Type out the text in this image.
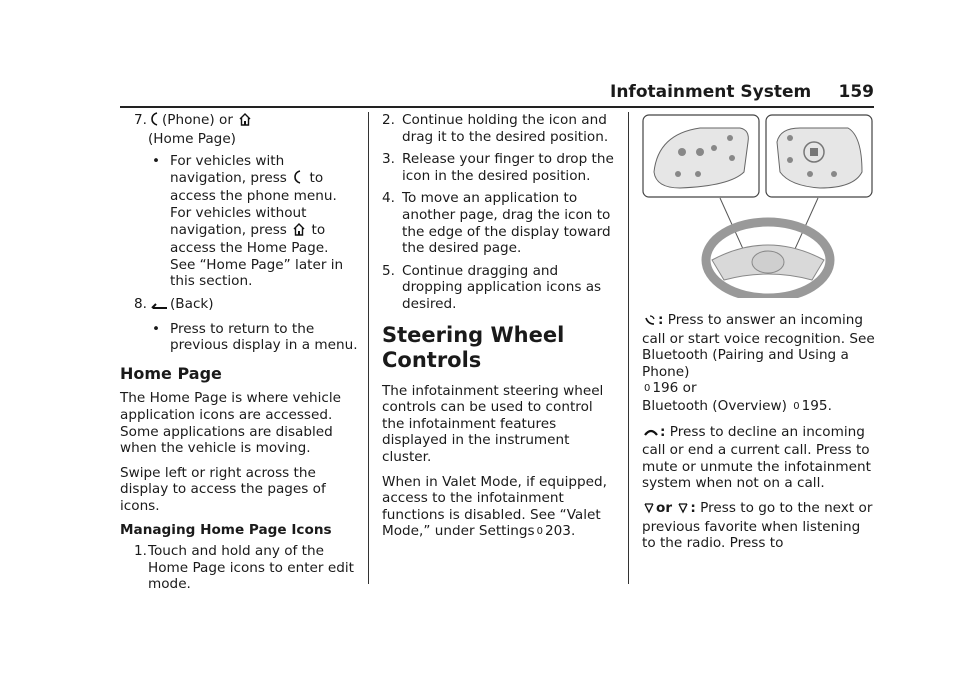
Infotainment System 159
7. (Phone) or
(Home Page)
• For vehicles with navigation, press to access the phone menu. For vehicles without navigation, press to access the Home Page. See “Home Page” later in this section.
8. (Back)
• Press to return to the previous display in a menu.
Home Page

The Home Page is where vehicle application icons are accessed. Some applications are disabled when the vehicle is moving.

Swipe left or right across the display to access the pages of icons.

Managing Home Page Icons
1. Touch and hold any of the Home Page icons to enter edit mode.
2. Continue holding the icon and drag it to the desired position.
3. Release your finger to drop the icon in the desired position.
4. To move an application to another page, drag the icon to the edge of the display toward the desired page.
5. Continue dragging and dropping application icons as desired.
Steering Wheel Controls

The infotainment steering wheel controls can be used to control the infotainment features displayed in the instrument cluster.

When in Valet Mode, if equipped, access to the infotainment functions is disabled. See “Valet Mode,” under Settings 0 203.

: Press to answer an incoming call or start voice recognition. See Bluetooth (Pairing and Using a Phone)
0 196 or
Bluetooth (Overview) 0 195.

: Press to decline an incoming call or end a current call. Press to mute or unmute the infotainment system when not on a call.

or : Press to go to the next or previous favorite when listening to the radio. Press to
